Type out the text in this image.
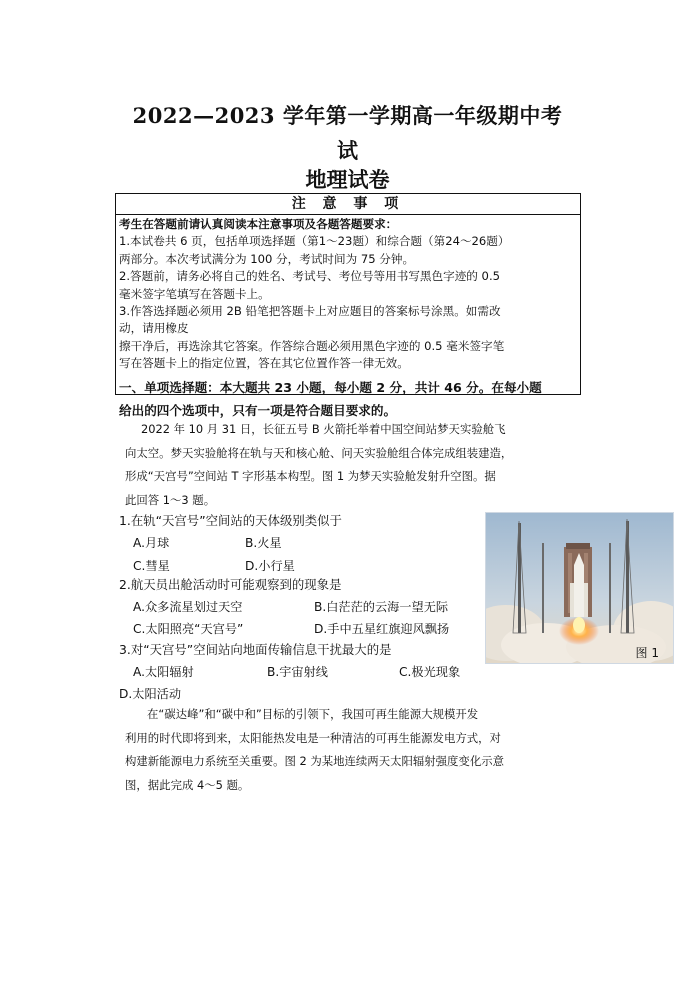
2022—2023 学年第一学期高一年级期中考
试
地理试卷
注 意 事 项
考生在答题前请认真阅读本注意事项及各题答题要求：
1.本试卷共 6 页，包括单项选择题（第1～23题）和综合题（第24～26题）
两部分。本次考试满分为 100 分，考试时间为 75 分钟。
2.答题前，请务必将自己的姓名、考试号、考位号等用书写黑色字迹的 0.5
毫米签字笔填写在答题卡上。
3.作答选择题必须用 2B 铅笔把答题卡上对应题目的答案标号涂黑。如需改
动，请用橡皮
擦干净后，再选涂其它答案。作答综合题必须用黑色字迹的 0.5 毫米签字笔
写在答题卡上的指定位置，答在其它位置作答一律无效。
一、单项选择题：本大题共 23 小题，每小题 2 分，共计 46 分。在每小题
给出的四个选项中，只有一项是符合题目要求的。
2022 年 10 月 31 日，长征五号 B 火箭托举着中国空间站梦天实验舱飞
向太空。梦天实验舱将在轨与天和核心舱、问天实验舱组合体完成组装建造，
形成“天宫号”空间站 T 字形基本构型。图 1 为梦天实验舱发射升空图。据
此回答 1～3 题。
1.在轨“天宫号”空间站的天体级别类似于
A.月球	B.火星
C.彗星	D.小行星
2.航天员出舱活动时可能观察到的现象是
A.众多流星划过天空	B.白茫茫的云海一望无际
C.太阳照亮“天宫号”	D.手中五星红旗迎风飘扬
3.对“天宫号”空间站向地面传输信息干扰最大的是
A.太阳辐射	B.宇宙射线	C.极光现象
D.太阳活动
图 1
在“碳达峰”和“碳中和”目标的引领下，我国可再生能源大规模开发
利用的时代即将到来，太阳能热发电是一种清洁的可再生能源发电方式，对
构建新能源电力系统至关重要。图 2 为某地连续两天太阳辐射强度变化示意
图，据此完成 4～5 题。
